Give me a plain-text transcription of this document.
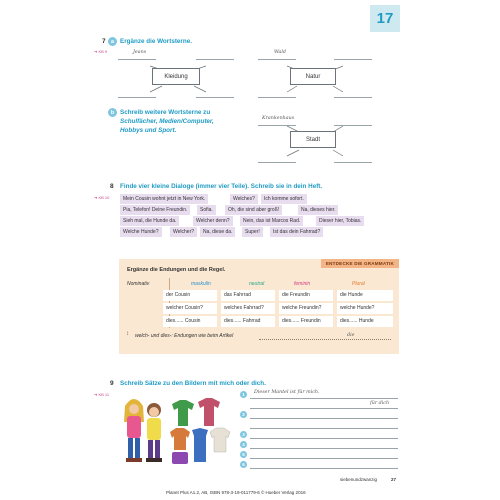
17
7 a
➜ KB 9
Ergänze die Wortsterne.
Jeans
Kleidung
Wald
Natur
b Schreib weitere Wortsterne zu
Schulfächer, Medien/Computer,
Hobbys und Sport.
Krankenhaus
Stadt
8
➜ KB 10
Finde vier kleine Dialoge (immer vier Teile). Schreib sie in dein Heft.
Mein Cousin wohnt jetzt in New York.	Welches?	Ich komme sofort.
Pia, Telefon! Deine Freundin.	Sofia.	Oh, die sind aber groß!	Na, dieses hier.
Sieh mal, die Hunde da.	Welcher denn?	Nein, das ist Marcos Rad.	Dieser hier, Tobias.
Welche Hunde?	Welcher?	Na, diese da.	Super!	Ist das dein Fahrrad?
ENTDECKE DIE GRAMMATIK
Ergänze die Endungen und die Regel.
Nominativ	maskulin	neutral	feminin	Plural
der Cousin	das Fahrrad	die Freundin	die Hunde
welcher Cousin?	welches Fahrrad?	welche Freundin?	welche Hunde?
dies...... Cousin	dies...... Fahrrad	dies...... Freundin	dies...... Hunde
↕ welch- und dies-: Endungen wie beim Artikel	die
9
➜ KB 11
Schreib Sätze zu den Bildern mit mich oder dich.
1	Dieser Mantel ist für mich.
für dich
2
3
4
5
6
siebenundzwanzig	27
Planet Plus A1.2, AB, ISBN 978-3-19-011779-6 © Hueber Verlag 2016
